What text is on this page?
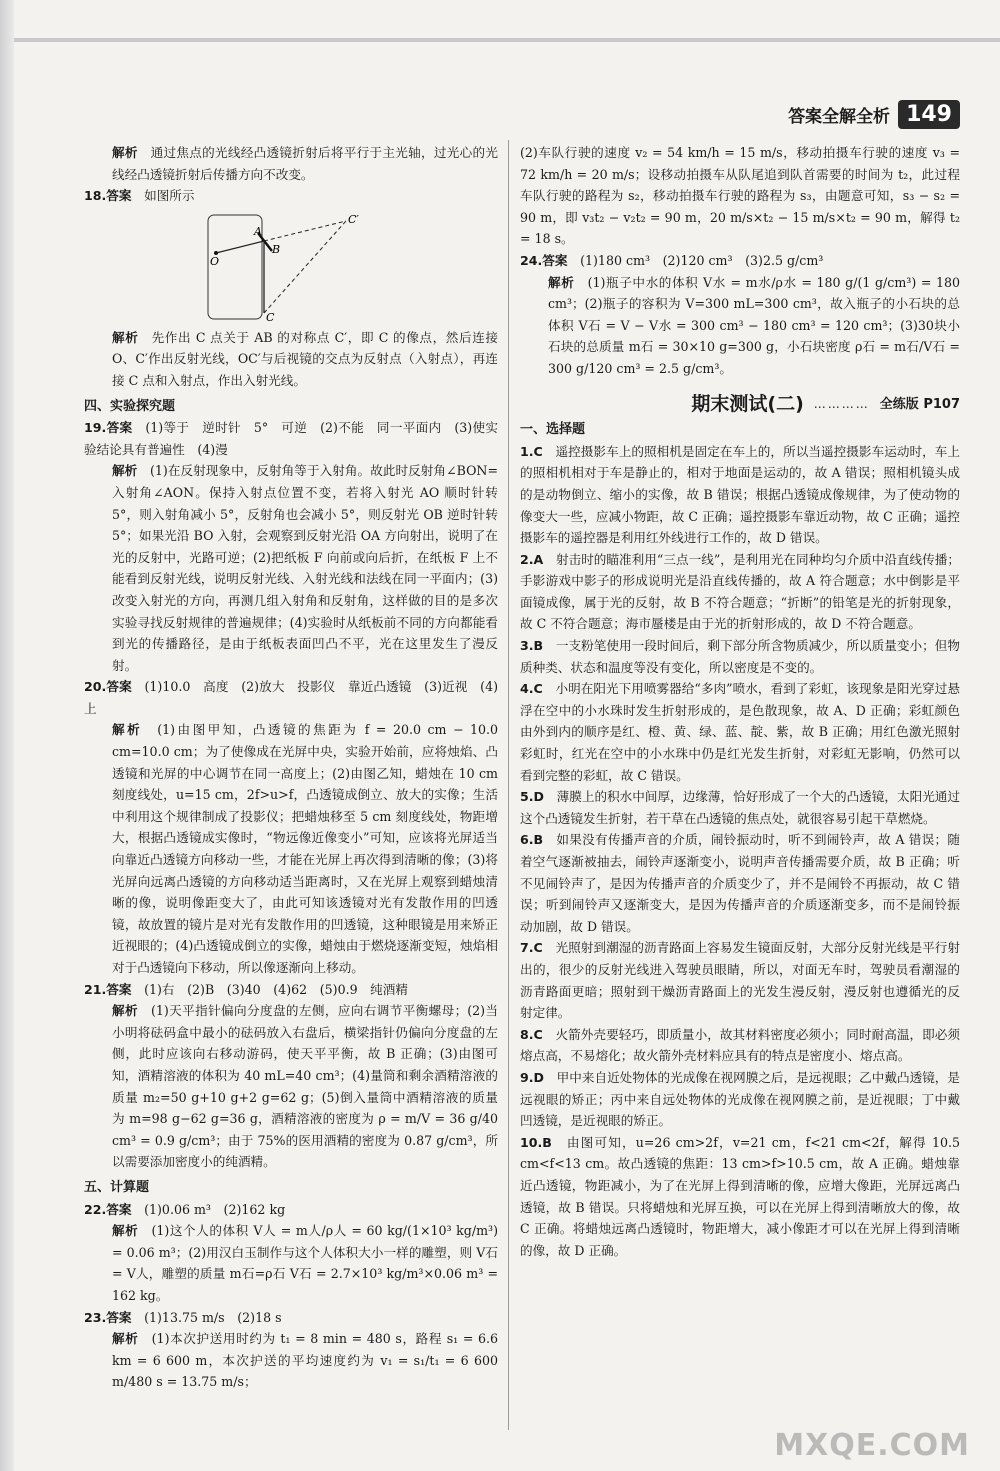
答案全解全析 149

解析　 通过焦点的光线经凸透镜折射后将平行于主光轴，过光心的光线经凸透镜折射后传播方向不改变。

18.答案　 如图所示

A
B
C
C′
O

解析　 先作出 C 点关于 AB 的对称点 C′，即 C 的像点，然后连接 O、C′作出反射光线，OC′与后视镜的交点为反射点（入射点），再连接 C 点和入射点，作出入射光线。

四、实验探究题

19.答案　 (1)等于　逆时针　5°　可逆　(2)不能　同一平面内　(3)使实验结论具有普遍性　(4)漫

解析　 (1)在反射现象中，反射角等于入射角。故此时反射角∠BON=入射角∠AON。保持入射点位置不变，若将入射光 AO 顺时针转 5°，则入射角减小 5°，反射角也会减小 5°，则反射光 OB 逆时针转 5°；如果光沿 BO 入射，会观察到反射光沿 OA 方向射出，说明了在光的反射中，光路可逆；(2)把纸板 F 向前或向后折，在纸板 F 上不能看到反射光线，说明反射光线、入射光线和法线在同一平面内；(3)改变入射光的方向，再测几组入射角和反射角，这样做的目的是多次实验寻找反射规律的普遍规律；(4)实验时从纸板前不同的方向都能看到光的传播路径，是由于纸板表面凹凸不平，光在这里发生了漫反射。

20.答案　 (1)10.0　高度　(2)放大　投影仪　靠近凸透镜　(3)近视　(4)上

解析　 (1)由图甲知，凸透镜的焦距为 f = 20.0 cm − 10.0 cm=10.0 cm；为了使像成在光屏中央，实验开始前，应将烛焰、凸透镜和光屏的中心调节在同一高度上；(2)由图乙知，蜡烛在 10 cm 刻度线处，u=15 cm，2f>u>f，凸透镜成倒立、放大的实像；生活中利用这个规律制成了投影仪；把蜡烛移至 5 cm 刻度线处，物距增大，根据凸透镜成实像时，“物远像近像变小”可知，应该将光屏适当向靠近凸透镜方向移动一些，才能在光屏上再次得到清晰的像；(3)将光屏向远离凸透镜的方向移动适当距离时，又在光屏上观察到蜡烛清晰的像，说明像距变大了，由此可知该透镜对光有发散作用的凹透镜，故放置的镜片是对光有发散作用的凹透镜，这种眼镜是用来矫正近视眼的；(4)凸透镜成倒立的实像，蜡烛由于燃烧逐渐变短，烛焰相对于凸透镜向下移动，所以像逐渐向上移动。

21.答案　 (1)右　(2)B　(3)40　(4)62　(5)0.9　纯酒精

解析　 (1)天平指针偏向分度盘的左侧，应向右调节平衡螺母；(2)当小明将砝码盒中最小的砝码放入右盘后，横梁指针仍偏向分度盘的左侧，此时应该向右移动游码，使天平平衡，故 B 正确；(3)由图可知，酒精溶液的体积为 40 mL=40 cm³；(4)量筒和剩余酒精溶液的质量 m₂=50 g+10 g+2 g=62 g；(5)倒入量筒中酒精溶液的质量为 m=98 g−62 g=36 g，酒精溶液的密度为 ρ = m/V = 36 g/40 cm³ = 0.9 g/cm³；由于 75%的医用酒精的密度为 0.87 g/cm³，所以需要添加密度小的纯酒精。

五、计算题

22.答案　 (1)0.06 m³　(2)162 kg

解析　 (1)这个人的体积 V人 = m人/ρ人 = 60 kg/(1×10³ kg/m³) = 0.06 m³；(2)用汉白玉制作与这个人体积大小一样的雕塑，则 V石 = V人，雕塑的质量 m石=ρ石 V石 = 2.7×10³ kg/m³×0.06 m³ = 162 kg。

23.答案　 (1)13.75 m/s　(2)18 s

解析　 (1)本次护送用时约为 t₁ = 8 min = 480 s，路程 s₁ = 6.6 km = 6 600 m，本次护送的平均速度约为 v₁ = s₁/t₁ = 6 600 m/480 s = 13.75 m/s；

(2)车队行驶的速度 v₂ = 54 km/h = 15 m/s，移动拍摄车行驶的速度 v₃ = 72 km/h = 20 m/s；设移动拍摄车从队尾追到队首需要的时间为 t₂，此过程车队行驶的路程为 s₂，移动拍摄车行驶的路程为 s₃，由题意可知，s₃ − s₂ = 90 m，即 v₃t₂ − v₂t₂ = 90 m，20 m/s×t₂ − 15 m/s×t₂ = 90 m，解得 t₂ = 18 s。

24.答案　 (1)180 cm³　(2)120 cm³　(3)2.5 g/cm³

解析　 (1)瓶子中水的体积 V水 = m水/ρ水 = 180 g/(1 g/cm³) = 180 cm³；(2)瓶子的容积为 V=300 mL=300 cm³，故入瓶子的小石块的总体积 V石 = V − V水 = 300 cm³ − 180 cm³ = 120 cm³；(3)30块小石块的总质量 m石 = 30×10 g=300 g，小石块密度 ρ石 = m石/V石 = 300 g/120 cm³ = 2.5 g/cm³。

期末测试(二) ………… 全练版 P107
一、选择题

1.C　 遥控摄影车上的照相机是固定在车上的，所以当遥控摄影车运动时，车上的照相机相对于车是静止的，相对于地面是运动的，故 A 错误；照相机镜头成的是动物倒立、缩小的实像，故 B 错误；根据凸透镜成像规律，为了使动物的像变大一些，应减小物距，故 C 正确；遥控摄影车靠近动物，故 C 正确；遥控摄影车的遥控器是利用红外线进行工作的，故 D 错误。

2.A　 射击时的瞄准利用“三点一线”，是利用光在同种均匀介质中沿直线传播；手影游戏中影子的形成说明光是沿直线传播的，故 A 符合题意；水中倒影是平面镜成像，属于光的反射，故 B 不符合题意；“折断”的铅笔是光的折射现象，故 C 不符合题意；海市蜃楼是由于光的折射形成的，故 D 不符合题意。

3.B　 一支粉笔使用一段时间后，剩下部分所含物质减少，所以质量变小；但物质种类、状态和温度等没有变化，所以密度是不变的。

4.C　 小明在阳光下用喷雾器给“多肉”喷水，看到了彩虹，该现象是阳光穿过悬浮在空中的小水珠时发生折射形成的，是色散现象，故 A、D 正确；彩虹颜色由外到内的顺序是红、橙、黄、绿、蓝、靛、紫，故 B 正确；用红色激光照射彩虹时，红光在空中的小水珠中仍是红光发生折射，对彩虹无影响，仍然可以看到完整的彩虹，故 C 错误。

5.D　 薄膜上的积水中间厚，边缘薄，恰好形成了一个大的凸透镜，太阳光通过这个凸透镜发生折射，若干草在凸透镜的焦点处，就很容易引起干草燃烧。

6.B　 如果没有传播声音的介质，闹铃振动时，听不到闹铃声，故 A 错误；随着空气逐渐被抽去，闹铃声逐渐变小，说明声音传播需要介质，故 B 正确；听不见闹铃声了，是因为传播声音的介质变少了，并不是闹铃不再振动，故 C 错误；听到闹铃声又逐渐变大，是因为传播声音的介质逐渐变多，而不是闹铃振动加剧，故 D 错误。

7.C　 光照射到潮湿的沥青路面上容易发生镜面反射，大部分反射光线是平行射出的，很少的反射光线进入驾驶员眼睛，所以，对面无车时，驾驶员看潮湿的沥青路面更暗；照射到干燥沥青路面上的光发生漫反射，漫反射也遵循光的反射定律。

8.C　 火箭外壳要轻巧，即质量小，故其材料密度必须小；同时耐高温，即必须熔点高，不易熔化；故火箭外壳材料应具有的特点是密度小、熔点高。

9.D　 甲中来自近处物体的光成像在视网膜之后，是远视眼；乙中戴凸透镜，是远视眼的矫正；丙中来自远处物体的光成像在视网膜之前，是近视眼；丁中戴凹透镜，是近视眼的矫正。

10.B　 由图可知，u=26 cm>2f，v=21 cm，f<21 cm<2f，解得 10.5 cm<f<13 cm。故凸透镜的焦距：13 cm>f>10.5 cm，故 A 正确。蜡烛靠近凸透镜，物距减小，为了在光屏上得到清晰的像，应增大像距，光屏远离凸透镜，故 B 错误。只将蜡烛和光屏互换，可以在光屏上得到清晰放大的像，故 C 正确。将蜡烛远离凸透镜时，物距增大，减小像距才可以在光屏上得到清晰的像，故 D 正确。

MXQE.COM
